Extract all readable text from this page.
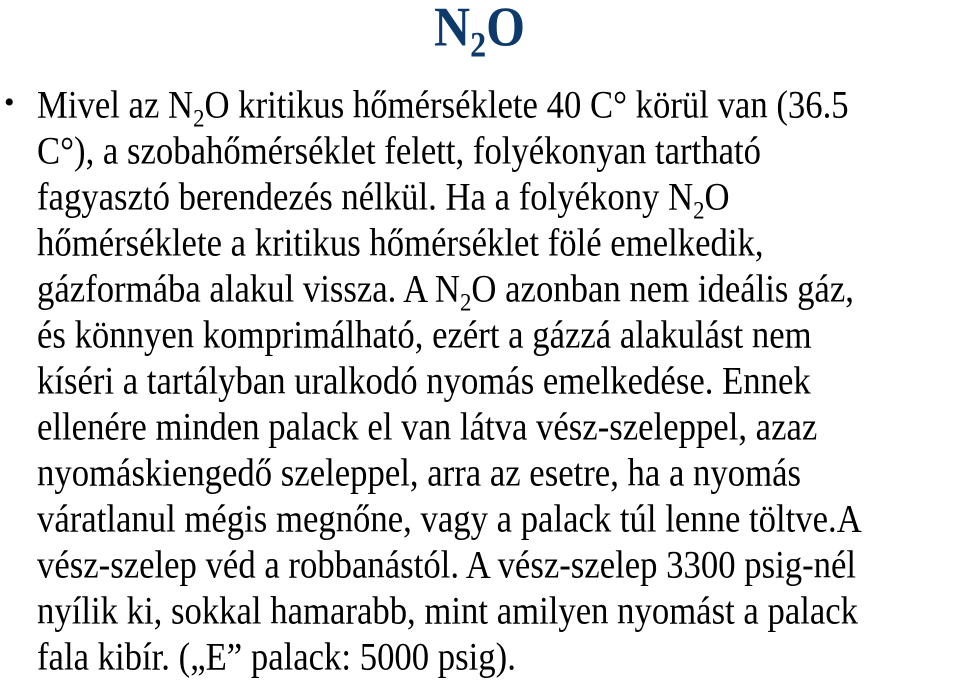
$N_2O$
• Mivel az $N_2O$ kritikus hőmérséklete 40 C° körül van (36.5
C°), a szobahőmérséklet felett, folyékonyan tartható
fagyasztó berendezés nélkül. Ha a folyékony $N_2O$
hőmérséklete a kritikus hőmérséklet fölé emelkedik,
gázformába alakul vissza. A $N_2O$ azonban nem ideális gáz,
és könnyen komprimálható, ezért a gázzá alakulást nem
kíséri a tartályban uralkodó nyomás emelkedése. Ennek
ellenére minden palack el van látva vész-szeleppel, azaz
nyomáskiengedő szeleppel, arra az esetre, ha a nyomás
váratlanul mégis megnőne, vagy a palack túl lenne töltve.A
vész-szelep véd a robbanástól. A vész-szelep 3300 psig-nél
nyílik ki, sokkal hamarabb, mint amilyen nyomást a palack
fala kibír. („E” palack: 5000 psig).
